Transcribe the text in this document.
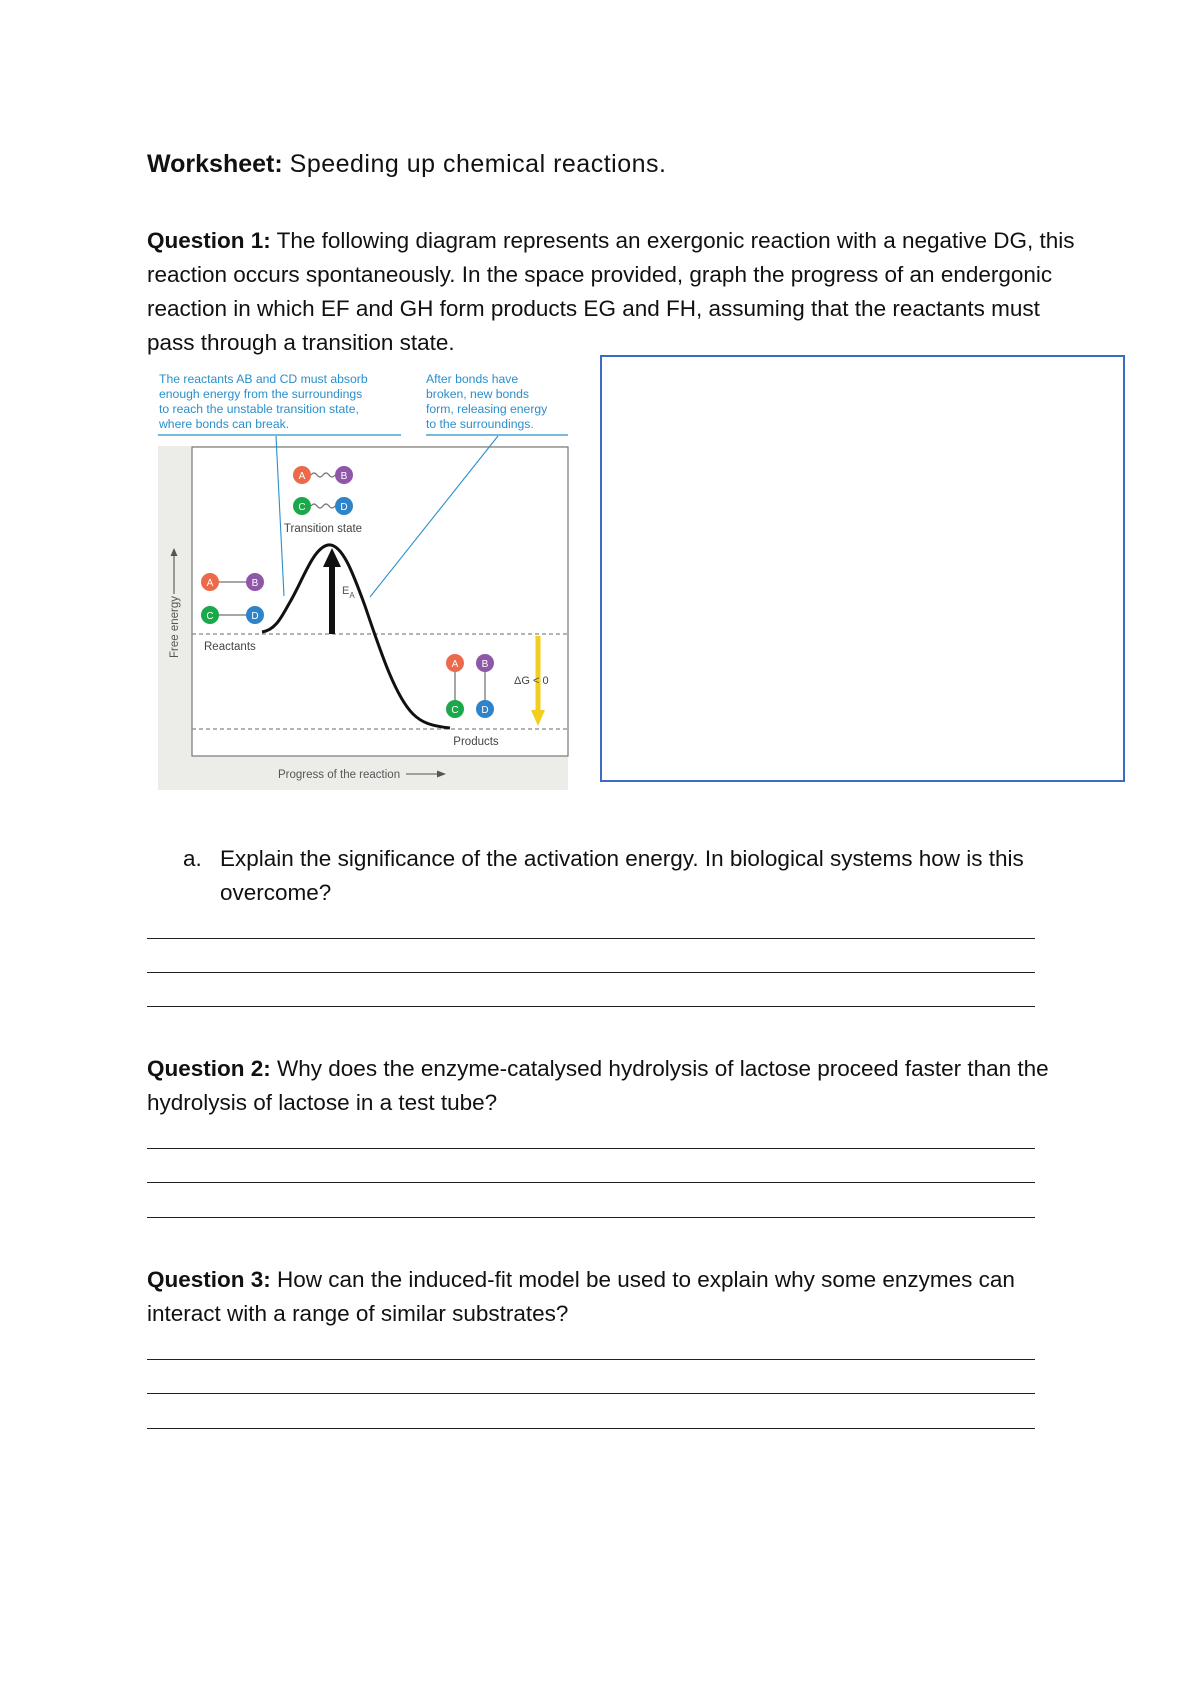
Worksheet: Speeding up chemical reactions.
Question 1: The following diagram represents an exergonic reaction with a negative DG, this reaction occurs spontaneously. In the space provided, graph the progress of an endergonic reaction in which EF and GH form products EG and FH, assuming that the reactants must pass through a transition state.
The reactants AB and CD must absorb
enough energy from the surroundings
to reach the unstable transition state,
where bonds can break.
After bonds have
broken, new bonds
form, releasing energy
to the surroundings.
$E_A$
ΔG < 0
A	B
C	D
Transition state
A	B
C	D
Reactants
A B
C D
Products
Free energy
Progress of the reaction
a. Explain the significance of the activation energy. In biological systems how is this overcome?
Question 2: Why does the enzyme-catalysed hydrolysis of lactose proceed faster than the hydrolysis of lactose in a test tube?
Question 3: How can the induced-fit model be used to explain why some enzymes can interact with a range of similar substrates?
